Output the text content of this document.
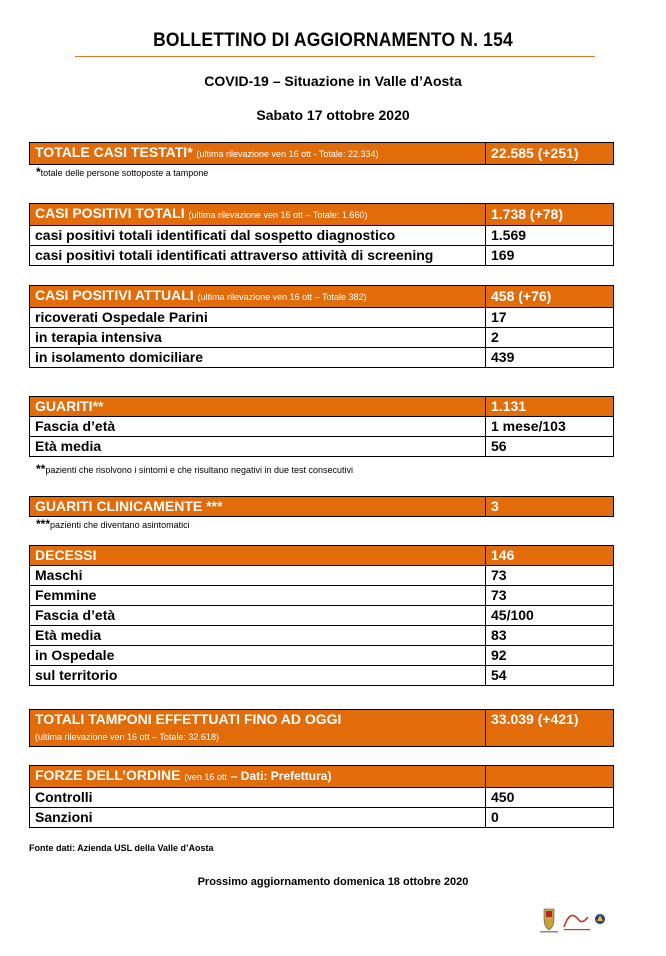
BOLLETTINO DI AGGIORNAMENTO N. 154
COVID-19 – Situazione in Valle d’Aosta
Sabato 17 ottobre 2020
TOTALE CASI TESTATI* (ultima rilevazione ven 16 ott - Totale: 22.334)	22.585 (+251)
*totale delle persone sottoposte a tampone
CASI POSITIVI TOTALI (ultima rilevazione ven 16 ott – Totale: 1.660)	1.738 (+78)
casi positivi totali identificati dal sospetto diagnostico	1.569
casi positivi totali identificati attraverso attività di screening	169
CASI POSITIVI ATTUALI (ultima rilevazione ven 16 ott – Totale 382)	458 (+76)
ricoverati Ospedale Parini	17
in terapia intensiva	2
in isolamento domiciliare	439
GUARITI**	1.131
Fascia d’età	1 mese/103
Età media	56
**pazienti che risolvono i sintomi e che risultano negativi in due test consecutivi
GUARITI CLINICAMENTE ***	3
***pazienti che diventano asintomatici
DECESSI	146
Maschi	73
Femmine	73
Fascia d’età	45/100
Età media	83
in Ospedale	92
sul territorio	54
TOTALI TAMPONI EFFETTUATI FINO AD OGGI
(ultima rilevazione ven 16 ott – Totale: 32.618)	33.039 (+421)
FORZE DELL’ORDINE (ven 16 ott – Dati: Prefettura)	
Controlli	450
Sanzioni	0
Fonte dati: Azienda USL della Valle d’Aosta
Prossimo aggiornamento domenica 18 ottobre 2020
